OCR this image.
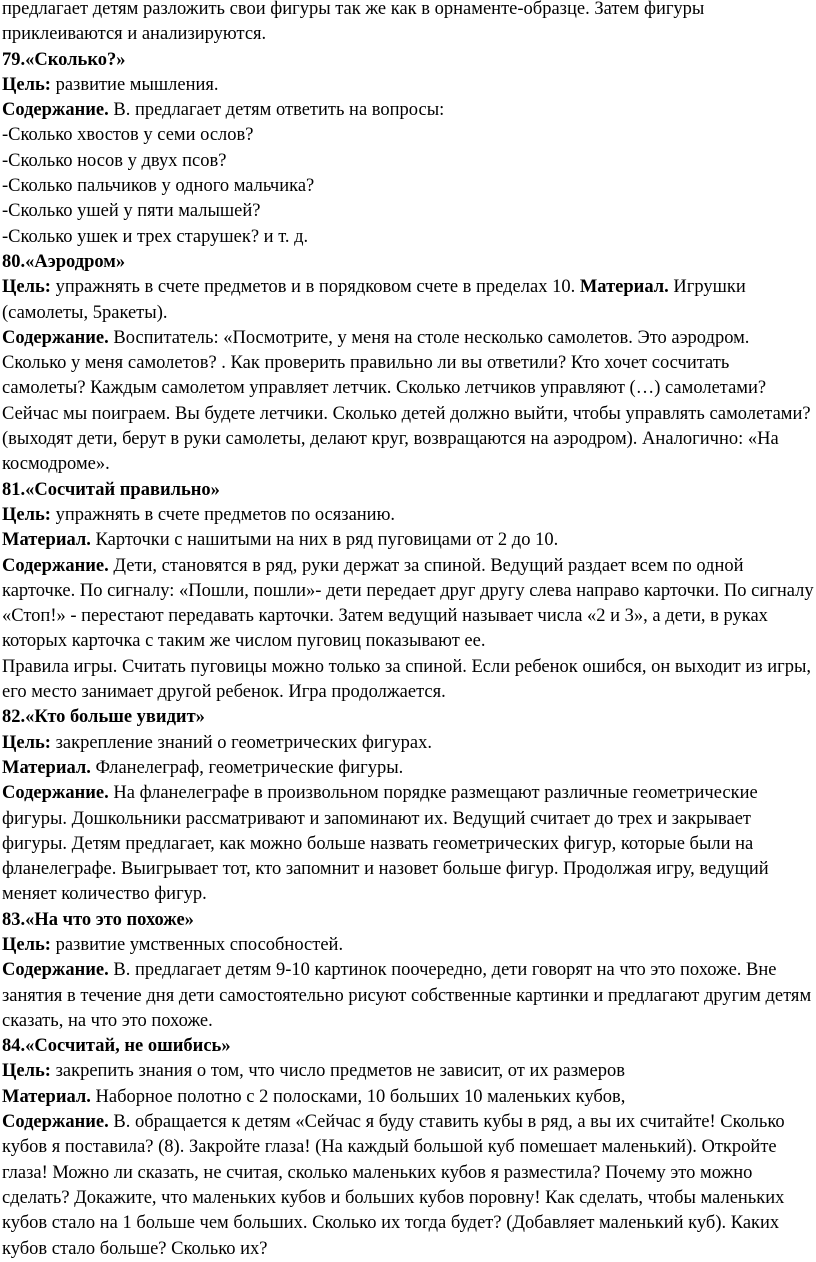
предлагает детям разложить свои фигуры так же как в орнаменте-образце. Затем фигуры приклеиваются и анализируются.

79.«Сколько?»

Цель: развитие мышления.

Содержание. В. предлагает детям ответить на вопросы:

-Сколько хвостов у семи ослов?

-Сколько носов у двух псов?

-Сколько пальчиков у одного мальчика?

-Сколько ушей у пяти малышей?

-Сколько ушек и трех старушек? и т. д.

80.«Аэродром»

Цель: упражнять в счете предметов и в порядковом счете в пределах 10. Материал. Игрушки (самолеты, 5ракеты).

Содержание. Воспитатель: «Посмотрите, у меня на столе несколько самолетов. Это аэродром. Сколько у меня самолетов? . Как проверить правильно ли вы ответили? Кто хочет сосчитать самолеты? Каждым самолетом управляет летчик. Сколько летчиков управляют (…) самолетами? Сейчас мы поиграем. Вы будете летчики. Сколько детей должно выйти, чтобы управлять самолетами? (выходят дети, берут в руки самолеты, делают круг, возвращаются на аэродром). Аналогично: «На космодроме».

81.«Сосчитай правильно»

Цель: упражнять в счете предметов по осязанию.

Материал. Карточки с нашитыми на них в ряд пуговицами от 2 до 10.

Содержание. Дети, становятся в ряд, руки держат за спиной. Ведущий раздает всем по одной карточке. По сигналу: «Пошли, пошли»- дети передает друг другу слева направо карточки. По сигналу «Стоп!» - перестают передавать карточки. Затем ведущий называет числа «2 и 3», а дети, в руках которых карточка с таким же числом пуговиц показывают ее.

Правила игры. Считать пуговицы можно только за спиной. Если ребенок ошибся, он выходит из игры, его место занимает другой ребенок. Игра продолжается.

82.«Кто больше увидит»

Цель: закрепление знаний о геометрических фигурах.

Материал. Фланелеграф, геометрические фигуры.

Содержание. На фланелеграфе в произвольном порядке размещают различные геометрические фигуры. Дошкольники рассматривают и запоминают их. Ведущий считает до трех и закрывает фигуры. Детям предлагает, как можно больше назвать геометрических фигур, которые были на фланелеграфе. Выигрывает тот, кто запомнит и назовет больше фигур. Продолжая игру, ведущий меняет количество фигур.

83.«На что это похоже»

Цель: развитие умственных способностей.

Содержание. В. предлагает детям 9-10 картинок поочередно, дети говорят на что это похоже. Вне занятия в течение дня дети самостоятельно рисуют собственные картинки и предлагают другим детям сказать, на что это похоже.

84.«Сосчитай, не ошибись»

Цель: закрепить знания о том, что число предметов не зависит, от их размеров

Материал. Наборное полотно с 2 полосками, 10 больших 10 маленьких кубов,

Содержание. В. обращается к детям «Сейчас я буду ставить кубы в ряд, а вы их считайте! Сколько кубов я поставила? (8). Закройте глаза! (На каждый большой куб помешает маленький). Откройте глаза! Можно ли сказать, не считая, сколько маленьких кубов я разместила? Почему это можно сделать? Докажите, что маленьких кубов и больших кубов поровну! Как сделать, чтобы маленьких кубов стало на 1 больше чем больших. Сколько их тогда будет? (Добавляет маленький куб). Каких кубов стало больше? Сколько их?
